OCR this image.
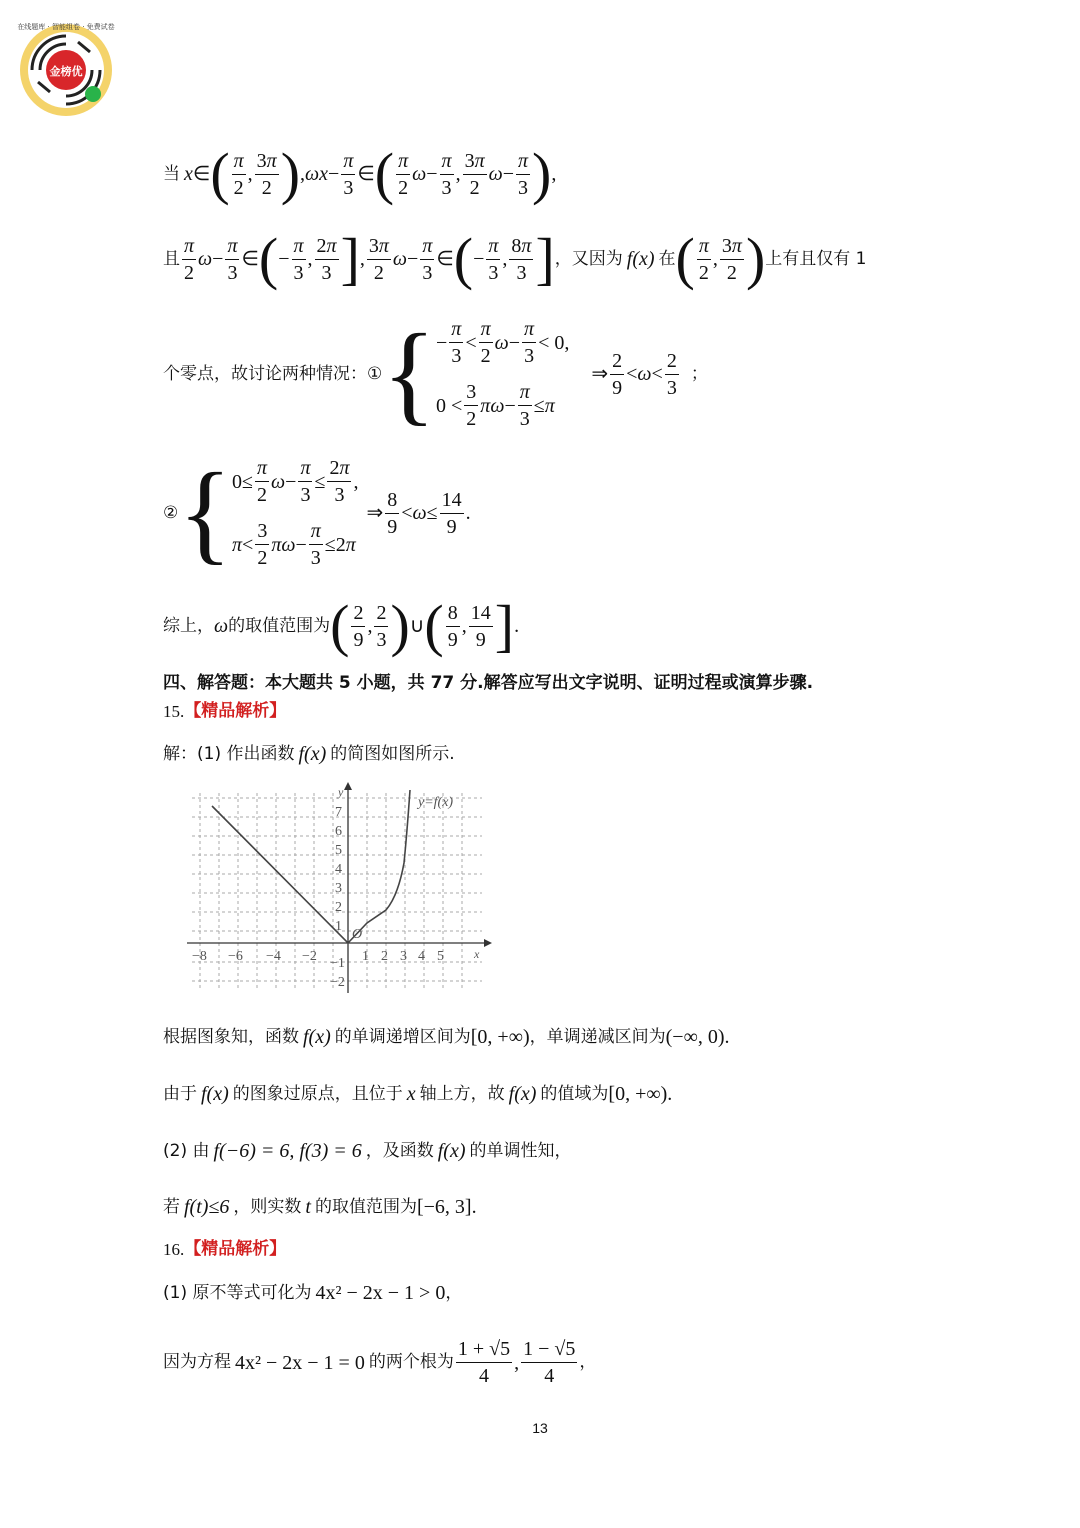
在线题库 · 智能组卷 · 免费试卷
金榜优
当 x ∈ ( $\frac{\pi}{2}$ , $\frac{3\pi}{2}$ ) , $\omega x - \frac{\pi}{3}$ ∈ ( $\frac{\pi}{2}$ $\omega - \frac{\pi}{3}$ , $\frac{3\pi}{2}$ $\omega - \frac{\pi}{3}$ ) ,
且 $\frac{\pi}{2}$ $\omega - \frac{\pi}{3}$ ∈ ( − $\frac{\pi}{3}$ , $\frac{2\pi}{3}$ ] , $\frac{3\pi}{2}$ $\omega - \frac{\pi}{3}$ ∈ ( − $\frac{\pi}{3}$ , $\frac{8\pi}{3}$ ] ，又因为 f(x) 在 ( $\frac{\pi}{2}$ , $\frac{3\pi}{2}$ ) 上有且仅有 1
个零点，故讨论两种情况：① { − $\frac{\pi}{3} < \frac{\pi}{2}$ $\omega - \frac{\pi}{3} < 0$,
$0 < \frac{3}{2}$ $\pi\omega - \frac{\pi}{3} \le \pi$
⇒ $\frac{2}{9} < \omega < \frac{2}{3}$ ；
② { $0\le \frac{\pi}{2}$ $\omega - \frac{\pi}{3} \le \frac{2\pi}{3}$ ,
$\pi < \frac{3}{2}$ $\pi\omega - \frac{\pi}{3} \le 2$ π
⇒ $\frac{8}{9} < \omega \le \frac{14}{9}$ .
综上， ω 的取值范围为 ( $\frac{2}{9}$ , $\frac{2}{3}$ ) ∪ ( $\frac{8}{9}$ , $\frac{14}{9}$ ] .
四、解答题：本大题共 5 小题，共 77 分.解答应写出文字说明、证明过程或演算步骤.
15. 【精品解析】
解：(1) 作出函数 f(x) 的简图如图所示.
y=f(x)
y
x
O
−8 −6 −4 −2	1 2 3 4 5
7
6
5
4
3
2
1
−1
−2
根据图象知，函数 f(x) 的单调递增区间为 [0, +∞) ，单调递减区间为 (−∞, 0) .
由于 f(x) 的图象过原点，且位于 x 轴上方，故 f(x) 的值域为 [0, +∞) .
(2) 由 f(−6) = 6, f(3) = 6 ，及函数 f(x) 的单调性知，
若 f(t)≤6 ，则实数 t 的取值范围为 [−6, 3] .
16. 【精品解析】
(1) 原不等式可化为 4x² − 2x − 1 > 0 ，
因为方程 4x² − 2x − 1 = 0 的两个根为 $\frac{1 + √5}{4}$ , $\frac{1 - √5}{4}$ ，
13
